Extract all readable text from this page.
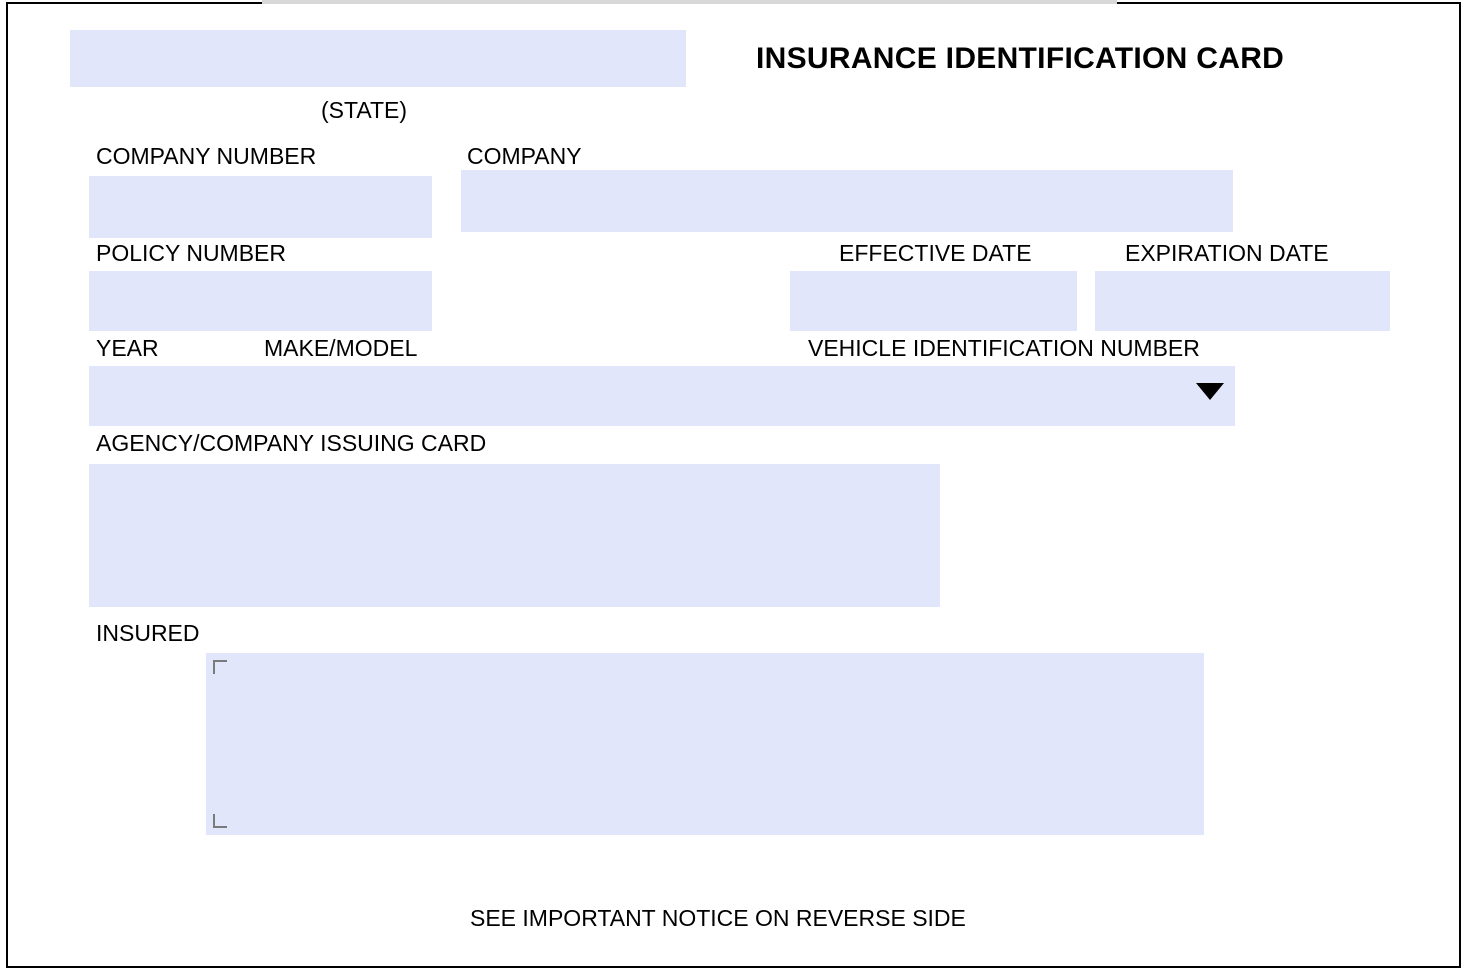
(STATE)
INSURANCE IDENTIFICATION CARD
COMPANY NUMBER	COMPANY
POLICY NUMBER	EFFECTIVE DATE	EXPIRATION DATE
YEAR	MAKE/MODEL	VEHICLE IDENTIFICATION NUMBER
AGENCY/COMPANY ISSUING CARD
INSURED
SEE IMPORTANT NOTICE ON REVERSE SIDE
